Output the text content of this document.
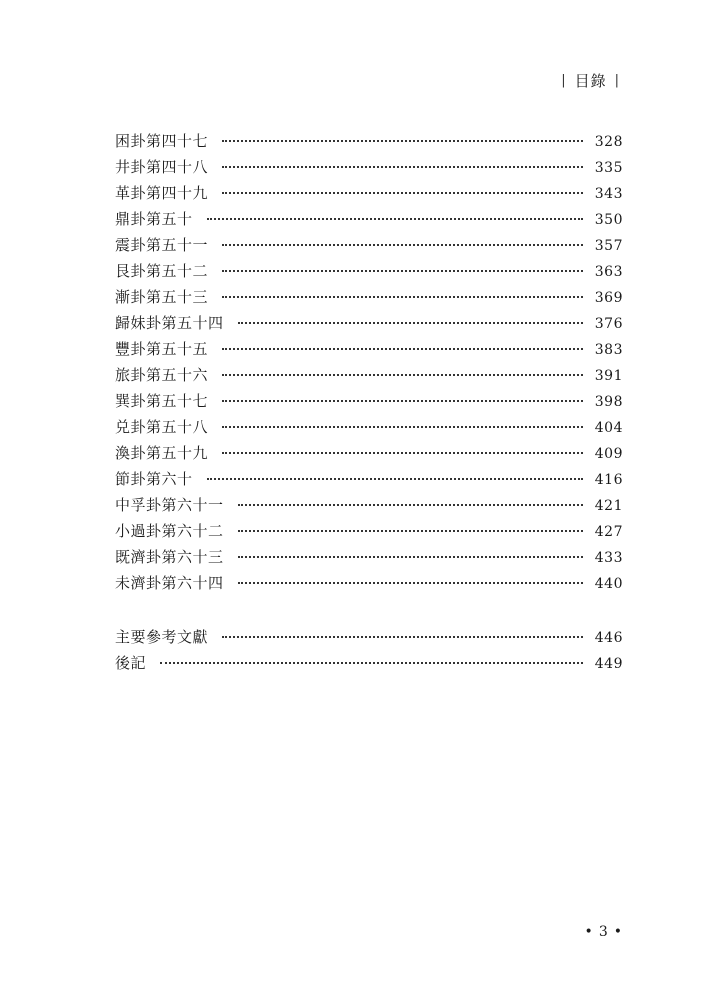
| 目錄 |
困卦第四十七	328
井卦第四十八	335
革卦第四十九	343
鼎卦第五十	350
震卦第五十一	357
艮卦第五十二	363
漸卦第五十三	369
歸妹卦第五十四	376
豐卦第五十五	383
旅卦第五十六	391
巽卦第五十七	398
兑卦第五十八	404
渙卦第五十九	409
節卦第六十	416
中孚卦第六十一	421
小過卦第六十二	427
既濟卦第六十三	433
未濟卦第六十四	440
主要參考文獻	446
後記	449
• 3 •
